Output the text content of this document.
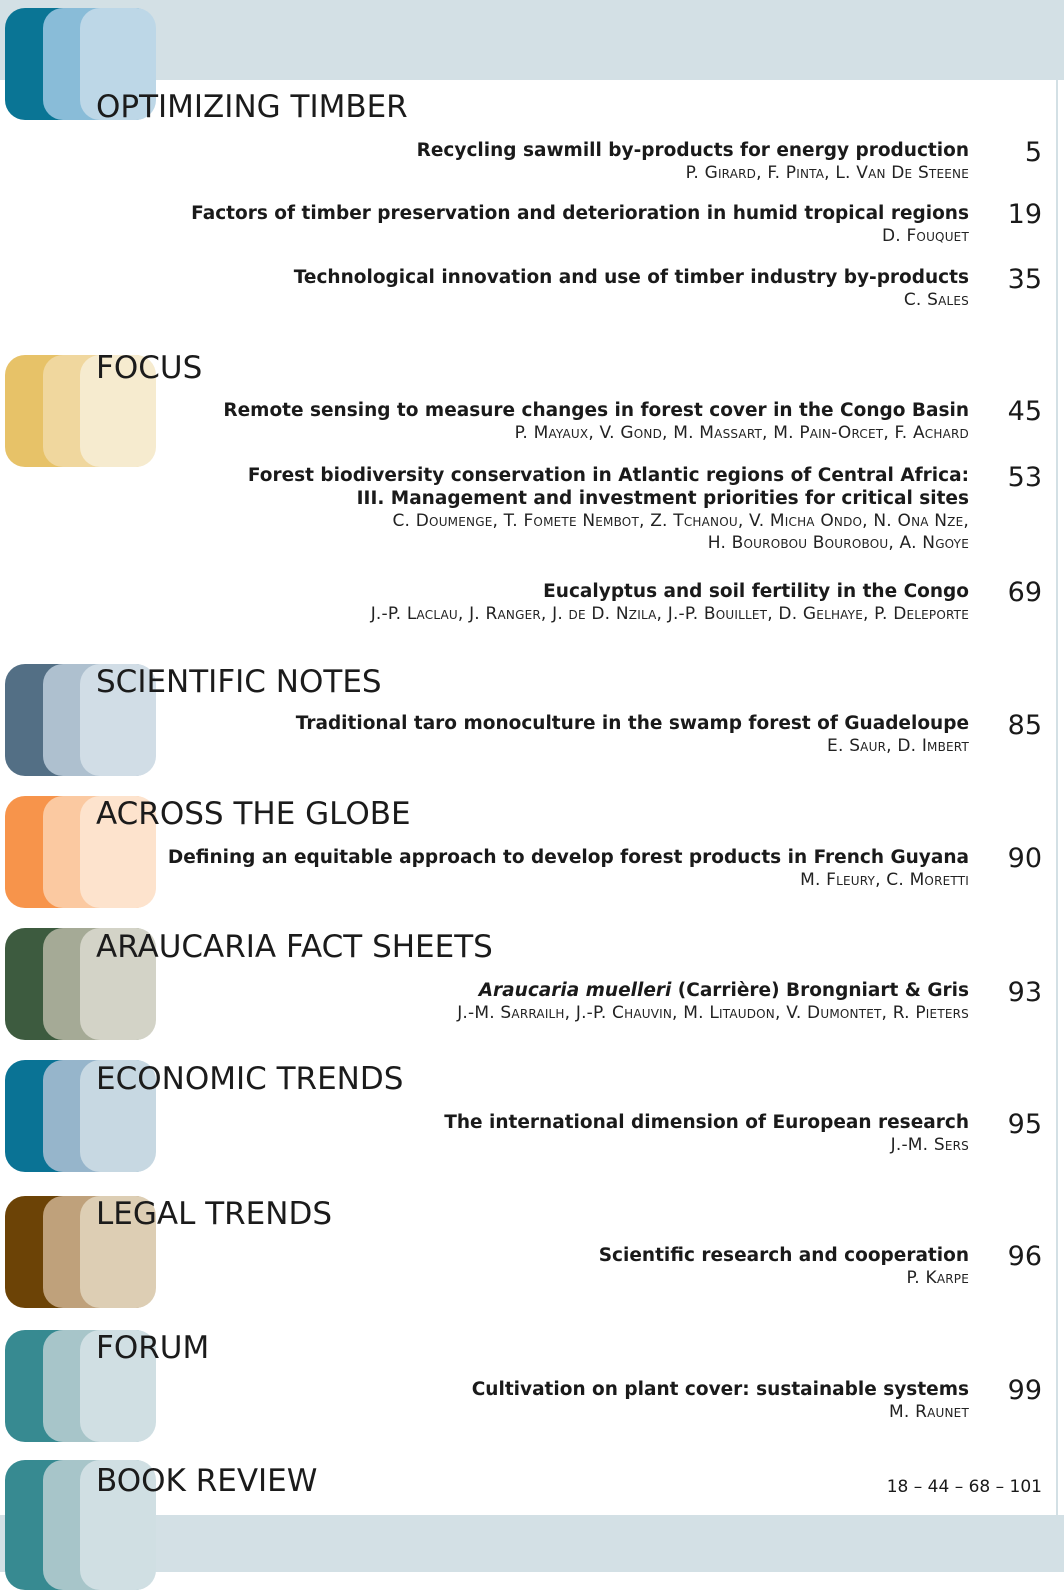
OPTIMIZING TIMBER
FOCUS
SCIENTIFIC NOTES
ACROSS THE GLOBE
ARAUCARIA FACT SHEETS
ECONOMIC TRENDS
LEGAL TRENDS
FORUM
BOOK REVIEW
Recycling sawmill by-products for energy production
P. Girard, F. Pinta, L. Van De Steene
5
Factors of timber preservation and deterioration in humid tropical regions
D. Fouquet
19
Technological innovation and use of timber industry by-products
C. Sales
35
Remote sensing to measure changes in forest cover in the Congo Basin
P. Mayaux, V. Gond, M. Massart, M. Pain-Orcet, F. Achard
45
Forest biodiversity conservation in Atlantic regions of Central Africa:
III. Management and investment priorities for critical sites
C. Doumenge, T. Fomete Nembot, Z. Tchanou, V. Micha Ondo, N. Ona Nze,
H. Bourobou Bourobou, A. Ngoye
53
Eucalyptus and soil fertility in the Congo
J.-P. Laclau, J. Ranger, J. de D. Nzila, J.-P. Bouillet, D. Gelhaye, P. Deleporte
69
Traditional taro monoculture in the swamp forest of Guadeloupe
E. Saur, D. Imbert
85
Defining an equitable approach to develop forest products in French Guyana
M. Fleury, C. Moretti
90
Araucaria muelleri (Carrière) Brongniart & Gris
J.-M. Sarrailh, J.-P. Chauvin, M. Litaudon, V. Dumontet, R. Pieters
93
The international dimension of European research
J.-M. Sers
95
Scientific research and cooperation
P. Karpe
96
Cultivation on plant cover: sustainable systems
M. Raunet
99
18 – 44 – 68 – 101
